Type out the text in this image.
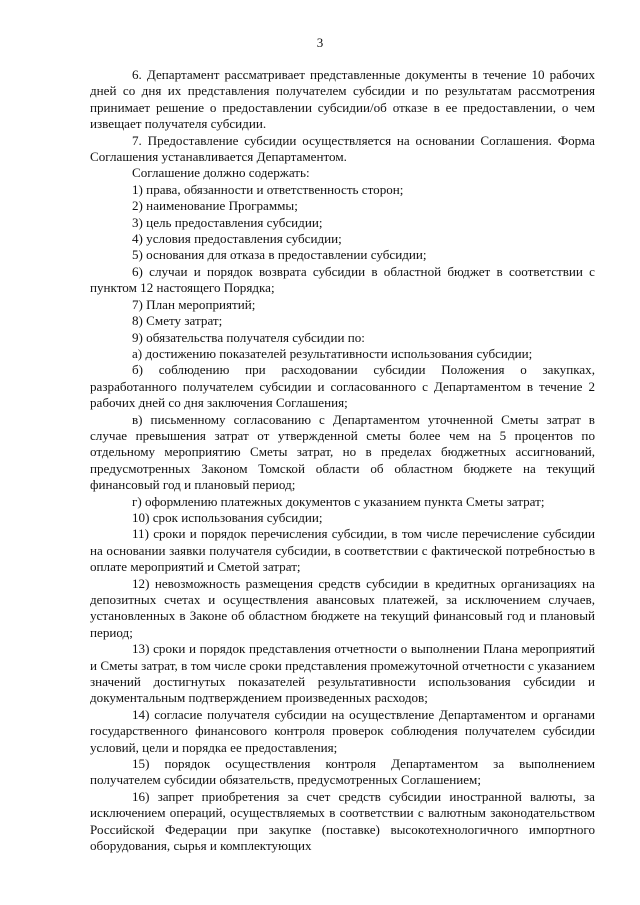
3

6. Департамент рассматривает представленные документы в течение 10 рабочих дней со дня их представления получателем субсидии и по результатам рассмотрения принимает решение о предоставлении субсидии/об отказе в ее предоставлении, о чем извещает получателя субсидии.

7. Предоставление субсидии осуществляется на основании Соглашения. Форма Соглашения устанавливается Департаментом.

Соглашение должно содержать:

1) права, обязанности и ответственность сторон;

2) наименование Программы;

3) цель предоставления субсидии;

4) условия предоставления субсидии;

5) основания для отказа в предоставлении субсидии;

6) случаи и порядок возврата субсидии в областной бюджет в соответствии с пунктом 12 настоящего Порядка;

7) План мероприятий;

8) Смету затрат;

9) обязательства получателя субсидии по:

а) достижению показателей результативности использования субсидии;

б) соблюдению при расходовании субсидии Положения о закупках, разработанного получателем субсидии и согласованного с Департаментом в течение 2 рабочих дней со дня заключения Соглашения;

в) письменному согласованию с Департаментом уточненной Сметы затрат в случае превышения затрат от утвержденной сметы более чем на 5 процентов по отдельному мероприятию Сметы затрат, но в пределах бюджетных ассигнований, предусмотренных Законом Томской области об областном бюджете на текущий финансовый год и плановый период;

г) оформлению платежных документов с указанием пункта Сметы затрат;

10) срок использования субсидии;

11) сроки и порядок перечисления субсидии, в том числе перечисление субсидии на основании заявки получателя субсидии, в соответствии с фактической потребностью в оплате мероприятий и Сметой затрат;

12) невозможность размещения средств субсидии в кредитных организациях на депозитных счетах и осуществления авансовых платежей, за исключением случаев, установленных в Законе об областном бюджете на текущий финансовый год и плановый период;

13) сроки и порядок представления отчетности о выполнении Плана мероприятий и Сметы затрат, в том числе сроки представления промежуточной отчетности с указанием значений достигнутых показателей результативности использования субсидии и документальным подтверждением произведенных расходов;

14) согласие получателя субсидии на осуществление Департаментом и органами государственного финансового контроля проверок соблюдения получателем субсидии условий, цели и порядка ее предоставления;

15) порядок осуществления контроля Департаментом за выполнением получателем субсидии обязательств, предусмотренных Соглашением;

16) запрет приобретения за счет средств субсидии иностранной валюты, за исключением операций, осуществляемых в соответствии с валютным законодательством Российской Федерации при закупке (поставке) высокотехнологичного импортного оборудования, сырья и комплектующих
